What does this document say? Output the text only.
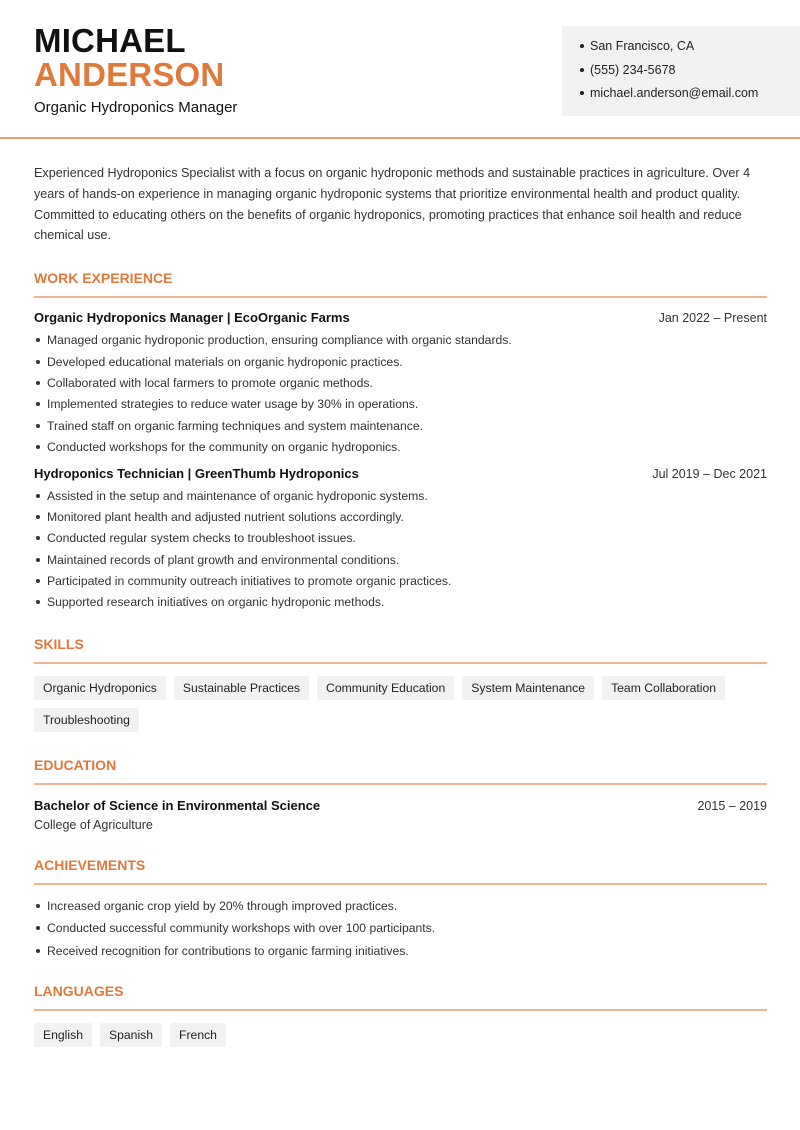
MICHAEL
ANDERSON
Organic Hydroponics Manager
San Francisco, CA
(555) 234-5678
michael.anderson@email.com

Experienced Hydroponics Specialist with a focus on organic hydroponic methods and sustainable practices in agriculture. Over 4 years of hands-on experience in managing organic hydroponic systems that prioritize environmental health and product quality. Committed to educating others on the benefits of organic hydroponics, promoting practices that enhance soil health and reduce chemical use.

WORK EXPERIENCE
Organic Hydroponics Manager | EcoOrganic Farms	Jan 2022 – Present
Managed organic hydroponic production, ensuring compliance with organic standards.
Developed educational materials on organic hydroponic practices.
Collaborated with local farmers to promote organic methods.
Implemented strategies to reduce water usage by 30% in operations.
Trained staff on organic farming techniques and system maintenance.
Conducted workshops for the community on organic hydroponics.
Hydroponics Technician | GreenThumb Hydroponics	Jul 2019 – Dec 2021
Assisted in the setup and maintenance of organic hydroponic systems.
Monitored plant health and adjusted nutrient solutions accordingly.
Conducted regular system checks to troubleshoot issues.
Maintained records of plant growth and environmental conditions.
Participated in community outreach initiatives to promote organic practices.
Supported research initiatives on organic hydroponic methods.
SKILLS
Organic Hydroponics	Sustainable Practices	Community Education	System Maintenance	Team Collaboration
Troubleshooting
EDUCATION
Bachelor of Science in Environmental Science	2015 – 2019
College of Agriculture
ACHIEVEMENTS
Increased organic crop yield by 20% through improved practices.
Conducted successful community workshops with over 100 participants.
Received recognition for contributions to organic farming initiatives.
LANGUAGES
English	Spanish	French
